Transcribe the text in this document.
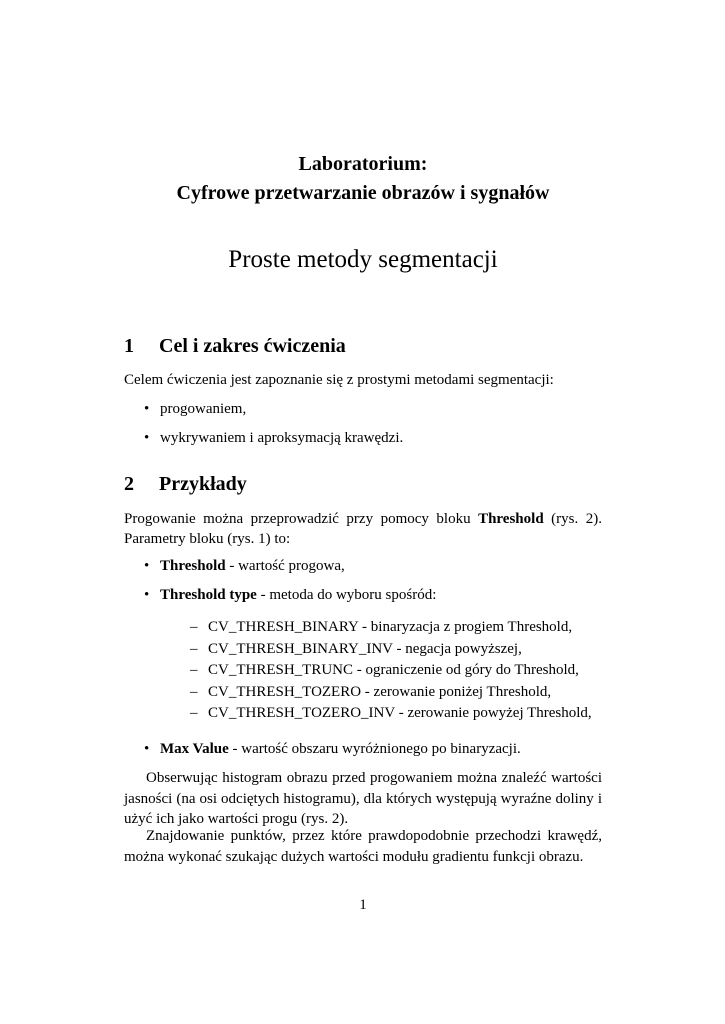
Laboratorium:
Cyfrowe przetwarzanie obrazów i sygnałów
Proste metody segmentacji
1 Cel i zakres ćwiczenia
Celem ćwiczenia jest zapoznanie się z prostymi metodami segmentacji:
• progowaniem,
• wykrywaniem i aproksymacją krawędzi.
2 Przykłady
Progowanie można przeprowadzić przy pomocy bloku Threshold (rys. 2). Parametry bloku (rys. 1) to:
• Threshold - wartość progowa,
• Threshold type - metoda do wyboru spośród:
– CV_THRESH_BINARY - binaryzacja z progiem Threshold,
– CV_THRESH_BINARY_INV - negacja powyższej,
– CV_THRESH_TRUNC - ograniczenie od góry do Threshold,
– CV_THRESH_TOZERO - zerowanie poniżej Threshold,
– CV_THRESH_TOZERO_INV - zerowanie powyżej Threshold,
• Max Value - wartość obszaru wyróżnionego po binaryzacji.
Obserwując histogram obrazu przed progowaniem można znaleźć wartości jasności (na osi odciętych histogramu), dla których występują wyraźne doliny i użyć ich jako wartości progu (rys. 2).
Znajdowanie punktów, przez które prawdopodobnie przechodzi krawędź, można wykonać szukając dużych wartości modułu gradientu funkcji obrazu.
1
